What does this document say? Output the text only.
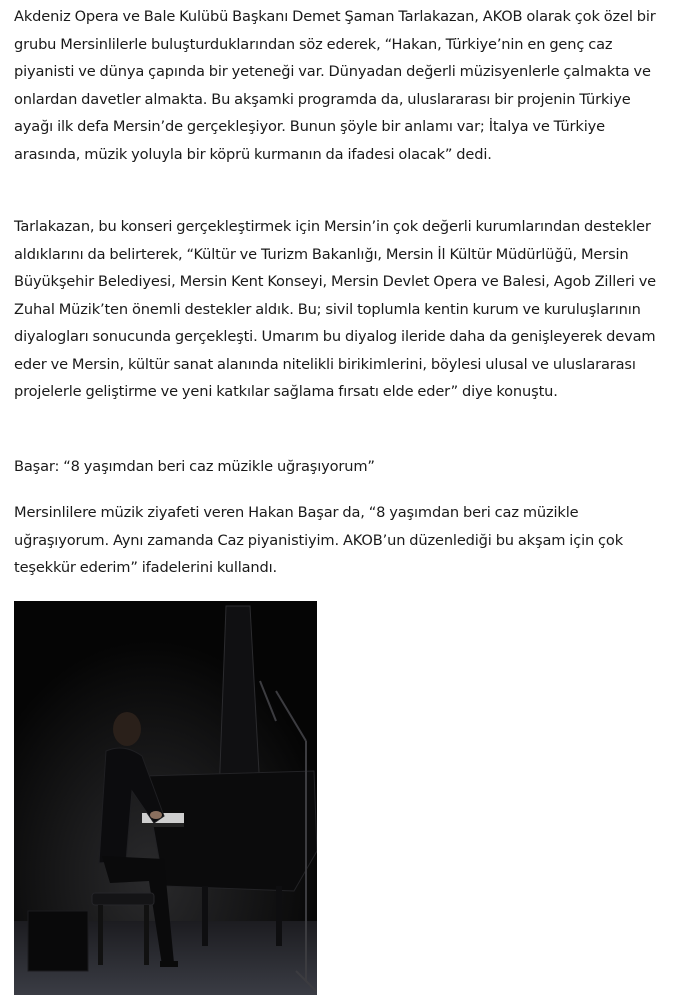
Akdeniz Opera ve Bale Kulübü Başkanı Demet Şaman Tarlakazan, AKOB olarak çok özel bir grubu Mersinlilerle buluşturduklarından söz ederek, “Hakan, Türkiye’nin en genç caz piyanisti ve dünya çapında bir yeteneği var. Dünyadan değerli müzisyenlerle çalmakta ve onlardan davetler almakta. Bu akşamki programda da, uluslararası bir projenin Türkiye ayağı ilk defa Mersin’de gerçekleşiyor. Bunun şöyle bir anlamı var; İtalya ve Türkiye arasında, müzik yoluyla bir köprü kurmanın da ifadesi olacak” dedi.

Tarlakazan, bu konseri gerçekleştirmek için Mersin’in çok değerli kurumlarından destekler aldıklarını da belirterek, “Kültür ve Turizm Bakanlığı, Mersin İl Kültür Müdürlüğü, Mersin Büyükşehir Belediyesi, Mersin Kent Konseyi, Mersin Devlet Opera ve Balesi, Agob Zilleri ve Zuhal Müzik’ten önemli destekler aldık. Bu; sivil toplumla kentin kurum ve kuruluşlarının diyalogları sonucunda gerçekleşti. Umarım bu diyalog ileride daha da genişleyerek devam eder ve Mersin, kültür sanat alanında nitelikli birikimlerini, böylesi ulusal ve uluslararası projelerle geliştirme ve yeni katkılar sağlama fırsatı elde eder” diye konuştu.

Başar: “8 yaşımdan beri caz müzikle uğraşıyorum”

Mersinlilere müzik ziyafeti veren Hakan Başar da, “8 yaşımdan beri caz müzikle uğraşıyorum. Aynı zamanda Caz piyanistiyim. AKOB’un düzenlediği bu akşam için çok teşekkür ederim” ifadelerini kullandı.
